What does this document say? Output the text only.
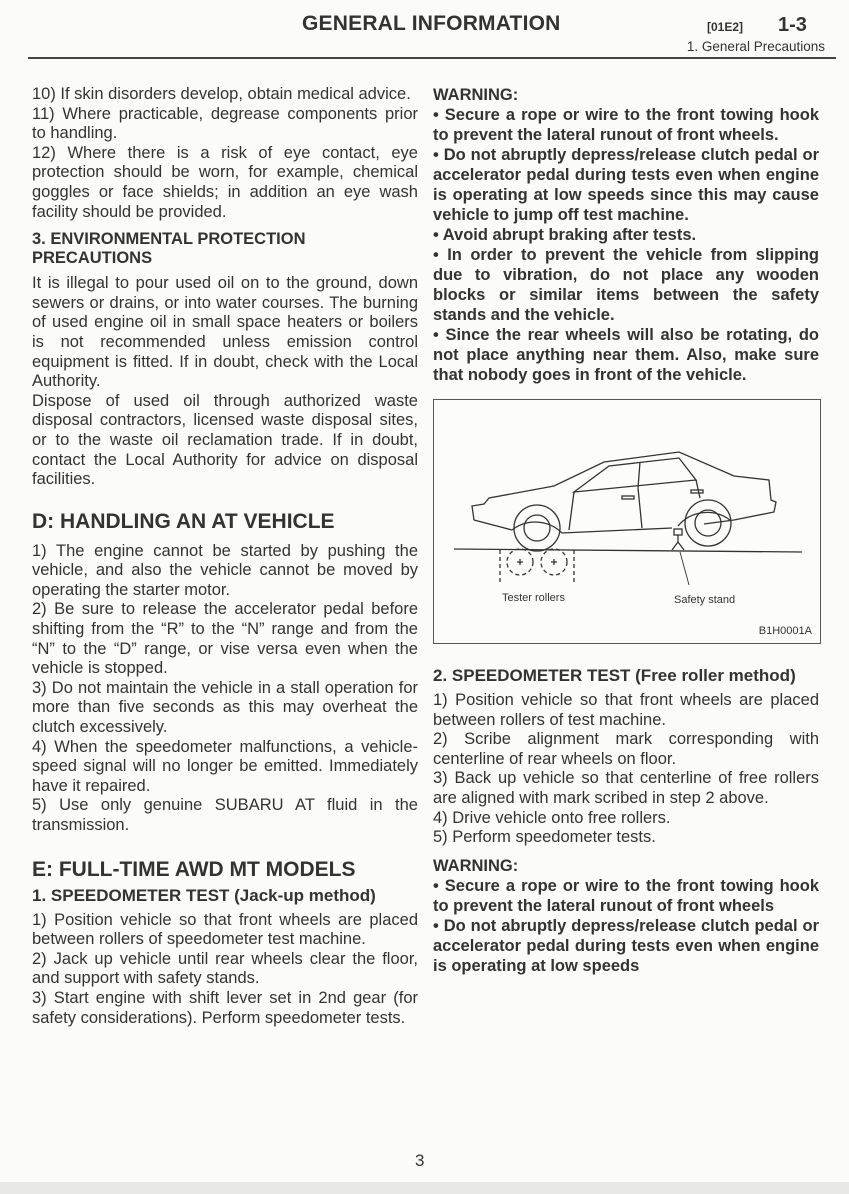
GENERAL INFORMATION	[01E2] 1-3
1. General Precautions

10) If skin disorders develop, obtain medical advice.

11) Where practicable, degrease components prior to handling.

12) Where there is a risk of eye contact, eye protection should be worn, for example, chemical goggles or face shields; in addition an eye wash facility should be provided.

3. ENVIRONMENTAL PROTECTION PRECAUTIONS

It is illegal to pour used oil on to the ground, down sewers or drains, or into water courses. The burning of used engine oil in small space heaters or boilers is not recommended unless emission control equipment is fitted. If in doubt, check with the Local Authority.

Dispose of used oil through authorized waste disposal contractors, licensed waste disposal sites, or to the waste oil reclamation trade. If in doubt, contact the Local Authority for advice on disposal facilities.

D: HANDLING AN AT VEHICLE

1) The engine cannot be started by pushing the vehicle, and also the vehicle cannot be moved by operating the starter motor.

2) Be sure to release the accelerator pedal before shifting from the “R” to the “N” range and from the “N” to the “D” range, or vise versa even when the vehicle is stopped.

3) Do not maintain the vehicle in a stall operation for more than five seconds as this may overheat the clutch excessively.

4) When the speedometer malfunctions, a vehicle-speed signal will no longer be emitted. Immediately have it repaired.

5) Use only genuine SUBARU AT fluid in the transmission.

E: FULL-TIME AWD MT MODELS
1. SPEEDOMETER TEST (Jack-up method)

1) Position vehicle so that front wheels are placed between rollers of speedometer test machine.

2) Jack up vehicle until rear wheels clear the floor, and support with safety stands.

3) Start engine with shift lever set in 2nd gear (for safety considerations). Perform speedometer tests.

WARNING:

• Secure a rope or wire to the front towing hook to prevent the lateral runout of front wheels.

• Do not abruptly depress/release clutch pedal or accelerator pedal during tests even when engine is operating at low speeds since this may cause vehicle to jump off test machine.

• Avoid abrupt braking after tests.

• In order to prevent the vehicle from slipping due to vibration, do not place any wooden blocks or similar items between the safety stands and the vehicle.

• Since the rear wheels will also be rotating, do not place anything near them. Also, make sure that nobody goes in front of the vehicle.

Tester rollers	Safety stand
B1H0001A
2. SPEEDOMETER TEST (Free roller method)

1) Position vehicle so that front wheels are placed between rollers of test machine.

2) Scribe alignment mark corresponding with centerline of rear wheels on floor.

3) Back up vehicle so that centerline of free rollers are aligned with mark scribed in step 2 above.

4) Drive vehicle onto free rollers.

5) Perform speedometer tests.

WARNING:

• Secure a rope or wire to the front towing hook to prevent the lateral runout of front wheels

• Do not abruptly depress/release clutch pedal or accelerator pedal during tests even when engine is operating at low speeds

3
